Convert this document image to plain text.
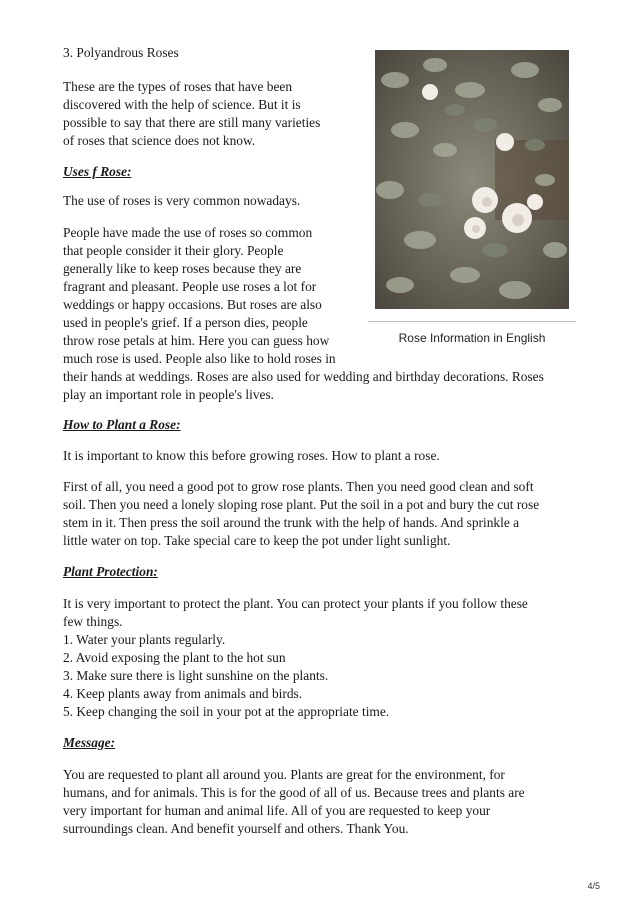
3. Polyandrous Roses

These are the types of roses that have been

discovered with the help of science. But it is

possible to say that there are still many varieties

of roses that science does not know.

Uses f Rose:

The use of roses is very common nowadays.

People have made the use of roses so common

that people consider it their glory. People

generally like to keep roses because they are

fragrant and pleasant. People use roses a lot for

weddings or happy occasions. But roses are also

used in people's grief. If a person dies, people

throw rose petals at him. Here you can guess how

much rose is used. People also like to hold roses in

their hands at weddings. Roses are also used for wedding and birthday decorations. Roses

play an important role in people's lives.

Rose Information in English

How to Plant a Rose:

It is important to know this before growing roses. How to plant a rose.

First of all, you need a good pot to grow rose plants. Then you need good clean and soft

soil. Then you need a lonely sloping rose plant. Put the soil in a pot and bury the cut rose

stem in it. Then press the soil around the trunk with the help of hands. And sprinkle a

little water on top. Take special care to keep the pot under light sunlight.

Plant Protection:

It is very important to protect the plant. You can protect your plants if you follow these

few things.

1. Water your plants regularly.

2. Avoid exposing the plant to the hot sun

3. Make sure there is light sunshine on the plants.

4. Keep plants away from animals and birds.

5. Keep changing the soil in your pot at the appropriate time.

Message:

You are requested to plant all around you. Plants are great for the environment, for

humans, and for animals. This is for the good of all of us. Because trees and plants are

very important for human and animal life. All of you are requested to keep your

surroundings clean. And benefit yourself and others. Thank You.

4/5
